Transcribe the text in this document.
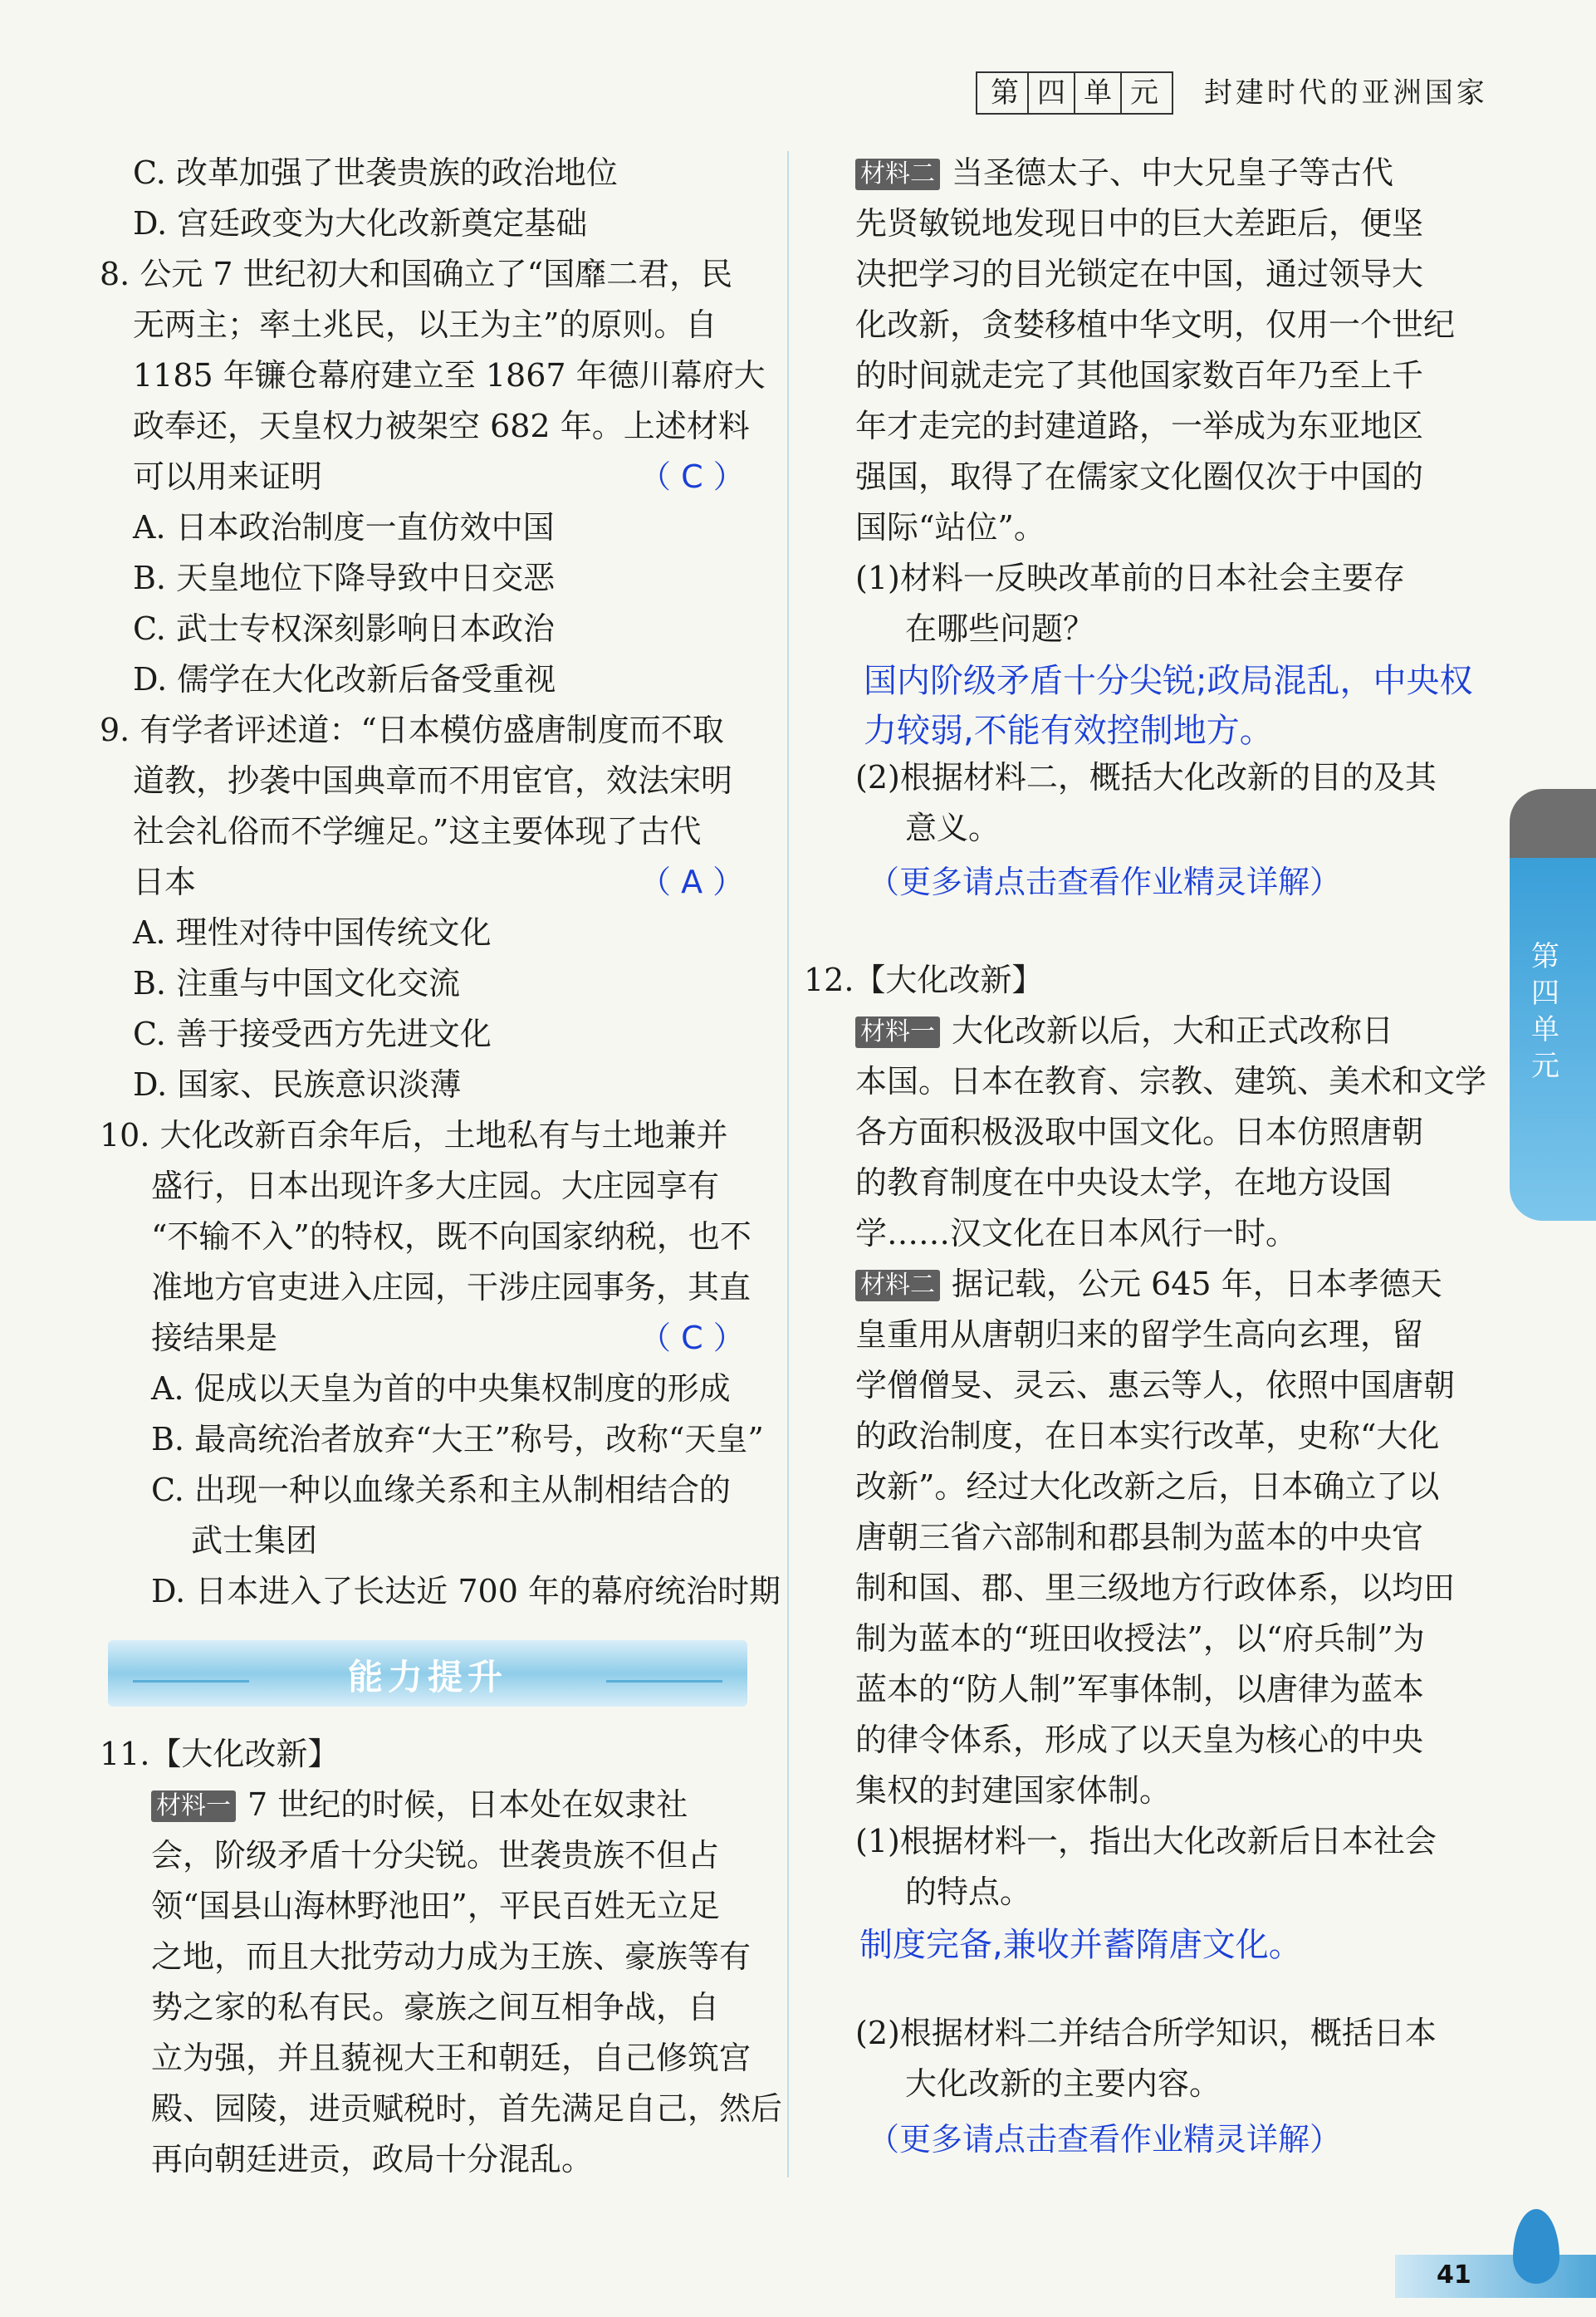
第 四 单 元 封建时代的亚洲国家
C. 改革加强了世袭贵族的政治地位
D. 宫廷政变为大化改新奠定基础
8. 公元 7 世纪初大和国确立了“国靡二君，民
无两主；率土兆民，以王为主”的原则。自
1185 年镰仓幕府建立至 1867 年德川幕府大
政奉还，天皇权力被架空 682 年。上述材料
可以用来证明	（ C ）
A. 日本政治制度一直仿效中国
B. 天皇地位下降导致中日交恶
C. 武士专权深刻影响日本政治
D. 儒学在大化改新后备受重视
9. 有学者评述道：“日本模仿盛唐制度而不取
道教，抄袭中国典章而不用宦官，效法宋明
社会礼俗而不学缠足。”这主要体现了古代
日本	（ A ）
A. 理性对待中国传统文化
B. 注重与中国文化交流
C. 善于接受西方先进文化
D. 国家、民族意识淡薄
10. 大化改新百余年后，土地私有与土地兼并
盛行，日本出现许多大庄园。大庄园享有
“不输不入”的特权，既不向国家纳税，也不
准地方官吏进入庄园，干涉庄园事务，其直
接结果是	（ C ）
A. 促成以天皇为首的中央集权制度的形成
B. 最高统治者放弃“大王”称号，改称“天皇”
C. 出现一种以血缘关系和主从制相结合的
武士集团
D. 日本进入了长达近 700 年的幕府统治时期
能力提升
11.【大化改新】
材料一 7 世纪的时候，日本处在奴隶社
会，阶级矛盾十分尖锐。世袭贵族不但占
领“国县山海林野池田”，平民百姓无立足
之地，而且大批劳动力成为王族、豪族等有
势之家的私有民。豪族之间互相争战，自
立为强，并且藐视大王和朝廷，自己修筑宫
殿、园陵，进贡赋税时，首先满足自己，然后
再向朝廷进贡，政局十分混乱。
材料二 当圣德太子、中大兄皇子等古代
先贤敏锐地发现日中的巨大差距后，便坚
决把学习的目光锁定在中国，通过领导大
化改新，贪婪移植中华文明，仅用一个世纪
的时间就走完了其他国家数百年乃至上千
年才走完的封建道路，一举成为东亚地区
强国，取得了在儒家文化圈仅次于中国的
国际“站位”。
(1)材料一反映改革前的日本社会主要存
在哪些问题？
国内阶级矛盾十分尖锐;政局混乱，中央权
力较弱,不能有效控制地方。
(2)根据材料二，概括大化改新的目的及其
意义。
（更多请点击查看作业精灵详解）
12.【大化改新】
材料一 大化改新以后，大和正式改称日
本国。日本在教育、宗教、建筑、美术和文学
各方面积极汲取中国文化。日本仿照唐朝
的教育制度在中央设太学，在地方设国
学……汉文化在日本风行一时。
材料二 据记载，公元 645 年，日本孝德天
皇重用从唐朝归来的留学生高向玄理，留
学僧僧旻、灵云、惠云等人，依照中国唐朝
的政治制度，在日本实行改革，史称“大化
改新”。经过大化改新之后，日本确立了以
唐朝三省六部制和郡县制为蓝本的中央官
制和国、郡、里三级地方行政体系，以均田
制为蓝本的“班田收授法”，以“府兵制”为
蓝本的“防人制”军事体制，以唐律为蓝本
的律令体系，形成了以天皇为核心的中央
集权的封建国家体制。
(1)根据材料一，指出大化改新后日本社会
的特点。
制度完备,兼收并蓄隋唐文化。
(2)根据材料二并结合所学知识，概括日本
大化改新的主要内容。
（更多请点击查看作业精灵详解）
第四单元
41
